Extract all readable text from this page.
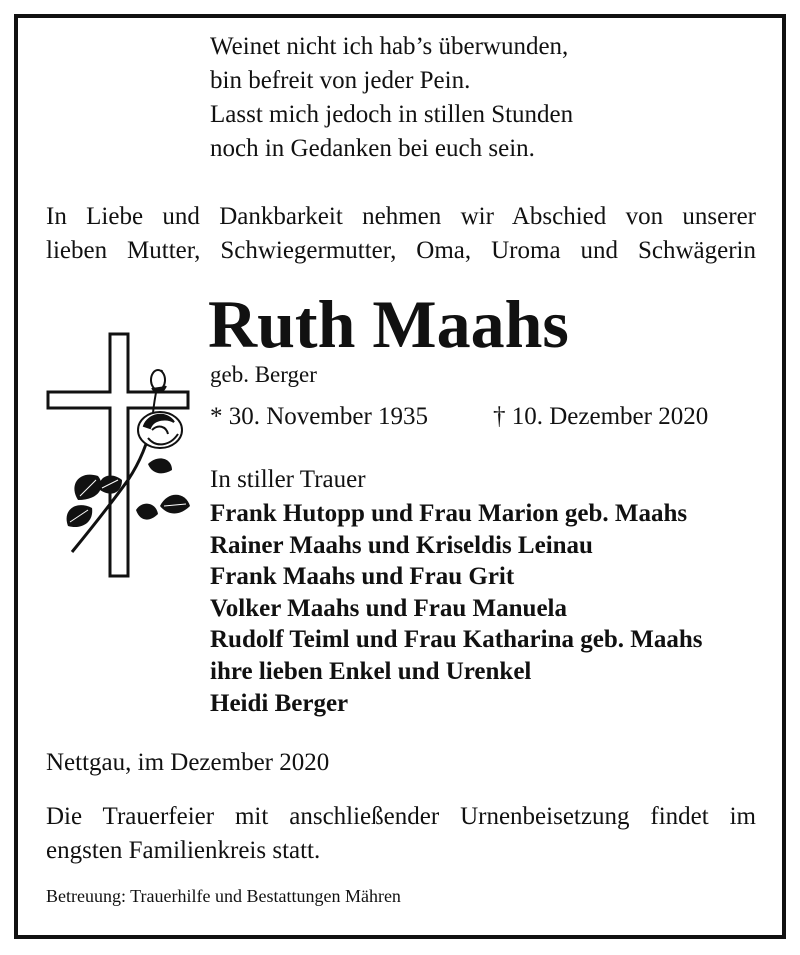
Weinet nicht ich hab’s überwunden,
bin befreit von jeder Pein.
Lasst mich jedoch in stillen Stunden
noch in Gedanken bei euch sein.
In Liebe und Dankbarkeit nehmen wir Abschied von unserer
lieben Mutter, Schwiegermutter, Oma, Uroma und Schwägerin
Ruth Maahs
geb. Berger
* 30. November 1935	† 10. Dezember 2020
In stiller Trauer
Frank Hutopp und Frau Marion geb. Maahs
Rainer Maahs und Kriseldis Leinau
Frank Maahs und Frau Grit
Volker Maahs und Frau Manuela
Rudolf Teiml und Frau Katharina geb. Maahs
ihre lieben Enkel und Urenkel
Heidi Berger
Nettgau, im Dezember 2020
Die Trauerfeier mit anschließender Urnenbeisetzung findet im
engsten Familienkreis statt.
Betreuung: Trauerhilfe und Bestattungen Mähren
